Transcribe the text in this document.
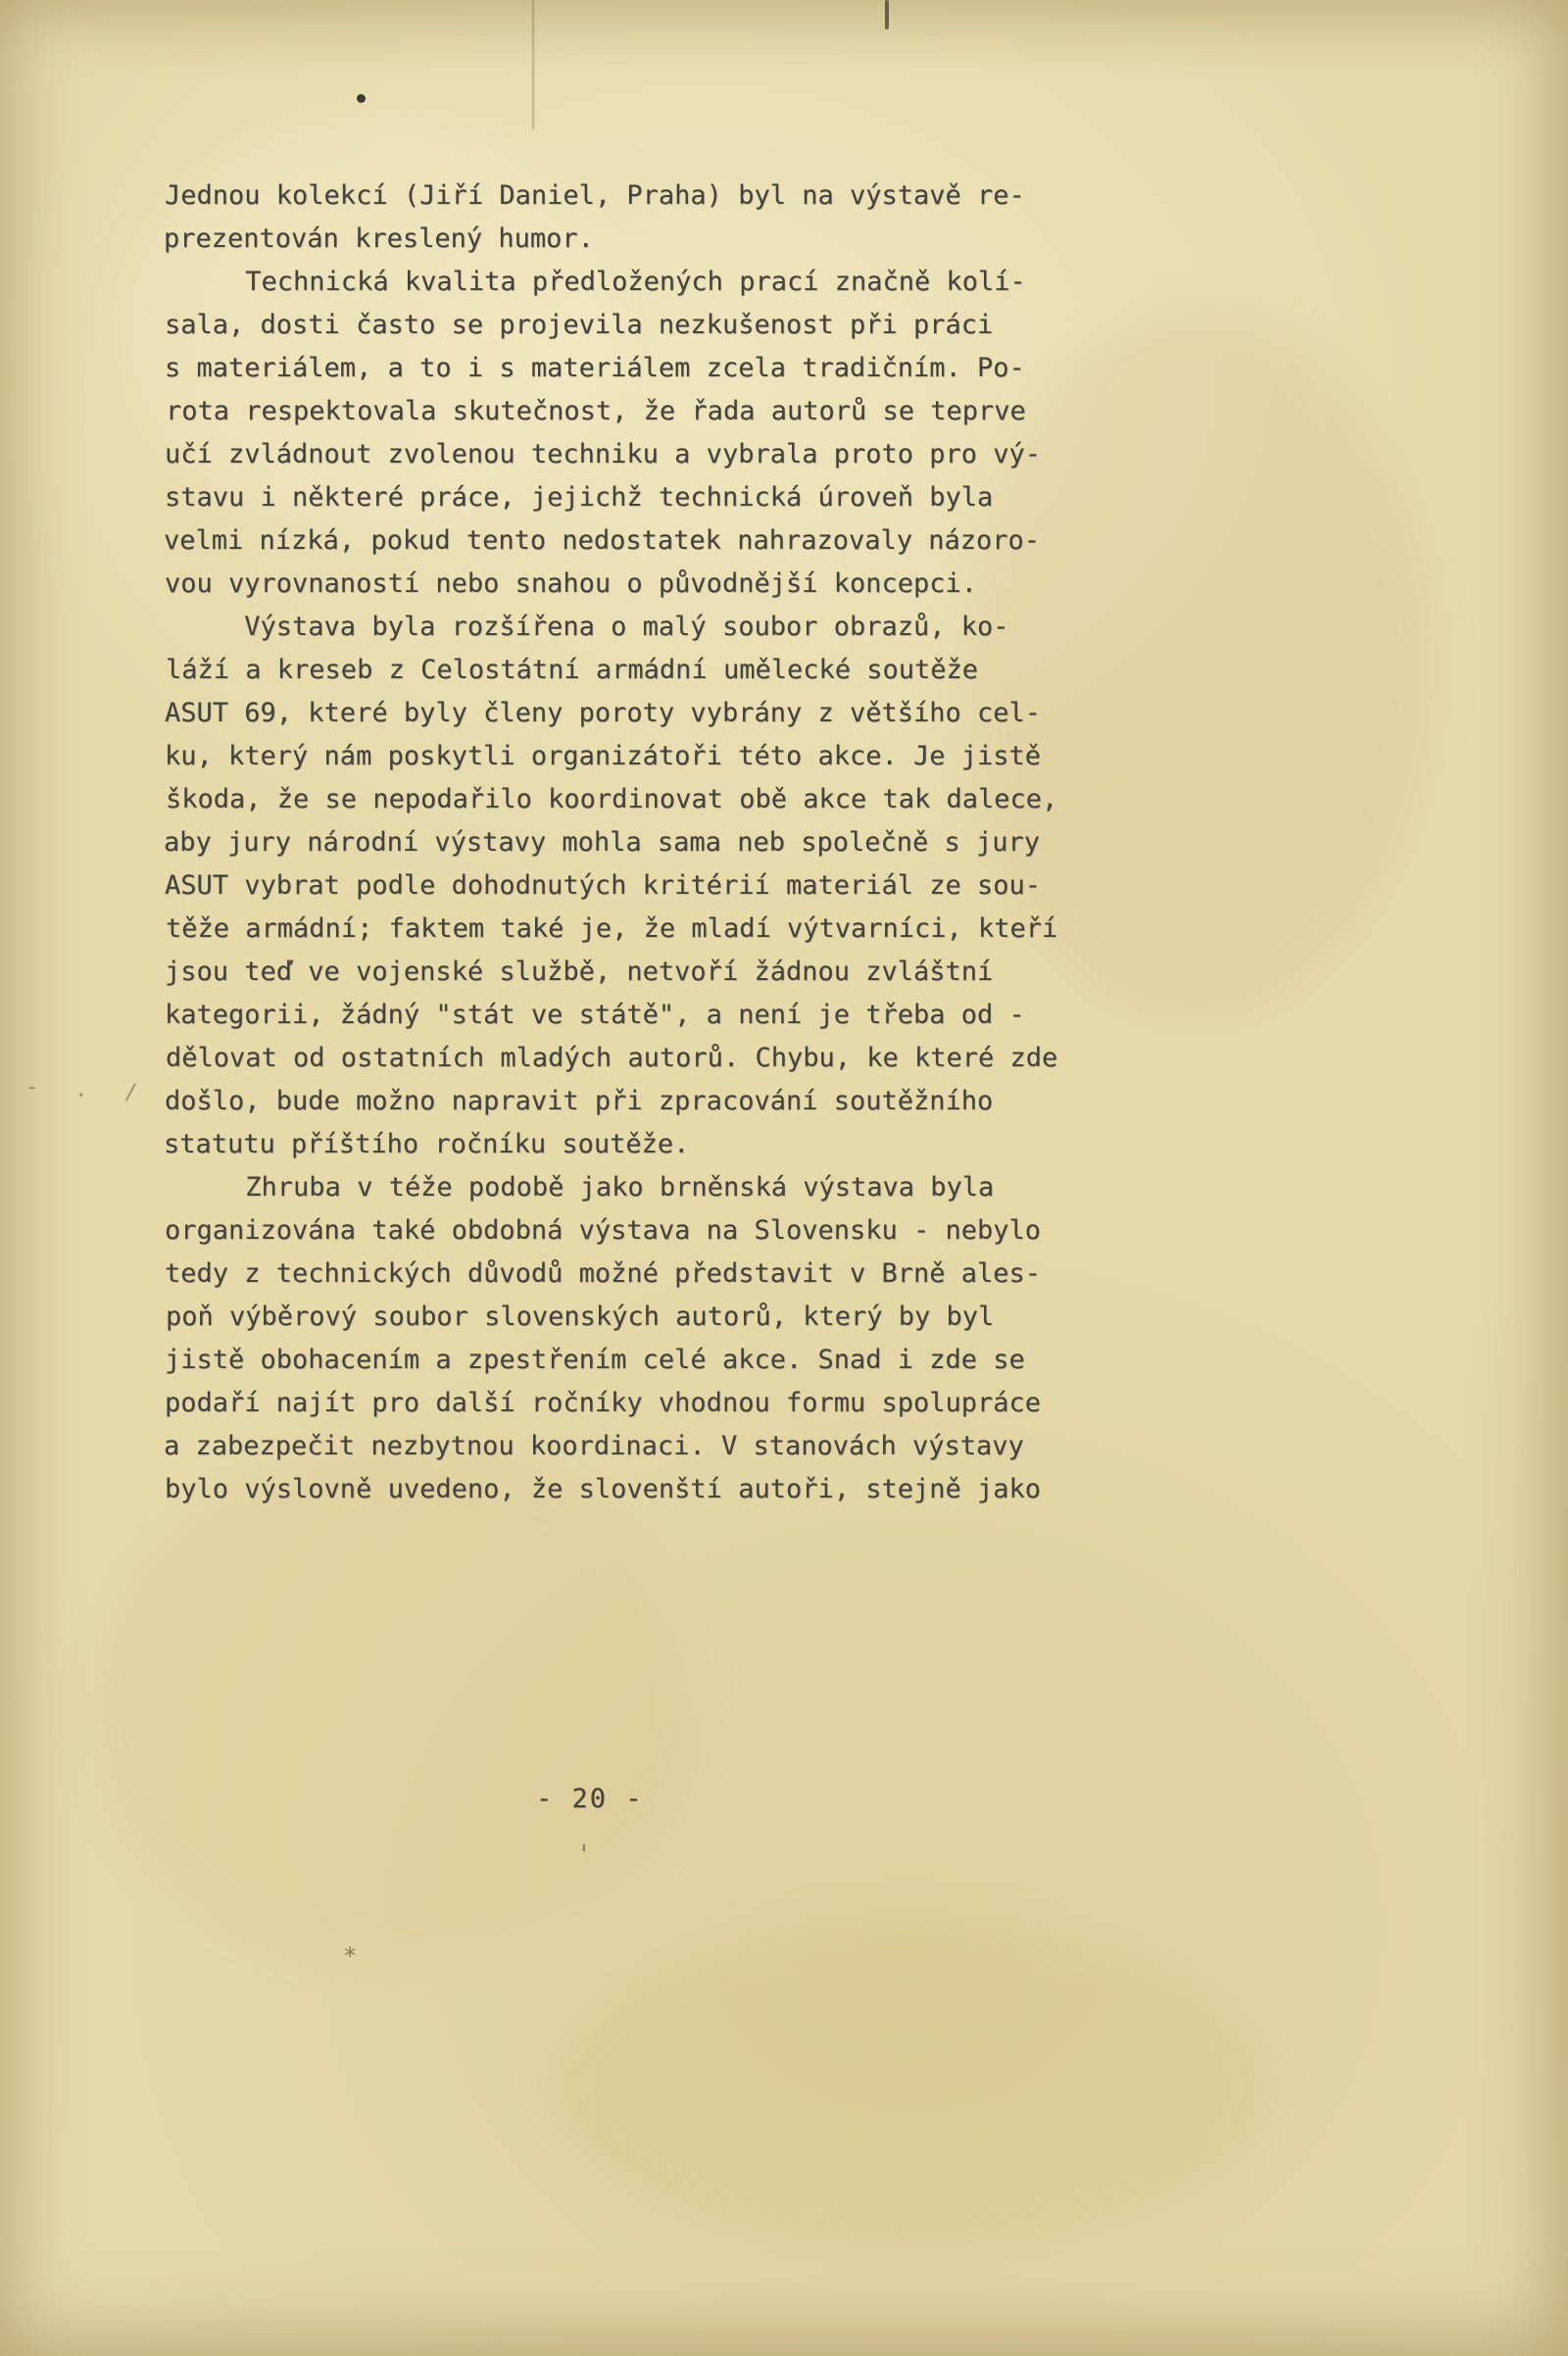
- . /
'
*
Jednou kolekcí (Jiří Daniel, Praha) byl na výstavě re-
prezentován kreslený humor.
Technická kvalita předložených prací značně kolí-
sala, dosti často se projevila nezkušenost při práci
s materiálem, a to i s materiálem zcela tradičním. Po-
rota respektovala skutečnost, že řada autorů se teprve
učí zvládnout zvolenou techniku a vybrala proto pro vý-
stavu i některé práce, jejichž technická úroveň byla
velmi nízká, pokud tento nedostatek nahrazovaly názoro-
vou vyrovnaností nebo snahou o původnější koncepci.
Výstava byla rozšířena o malý soubor obrazů, ko-
láží a kreseb z Celostátní armádní umělecké soutěže
ASUT 69, které byly členy poroty vybrány z většího cel-
ku, který nám poskytli organizátoři této akce. Je jistě
škoda, že se nepodařilo koordinovat obě akce tak dalece,
aby jury národní výstavy mohla sama neb společně s jury
ASUT vybrat podle dohodnutých kritérií materiál ze sou-
těže armádní; faktem také je, že mladí výtvarníci, kteří
jsou teď ve vojenské službě, netvoří žádnou zvláštní
kategorii, žádný "stát ve státě", a není je třeba od -
dělovat od ostatních mladých autorů. Chybu, ke které zde
došlo, bude možno napravit při zpracování soutěžního
statutu příštího ročníku soutěže.
Zhruba v téže podobě jako brněnská výstava byla
organizována také obdobná výstava na Slovensku - nebylo
tedy z technických důvodů možné představit v Brně ales-
poň výběrový soubor slovenských autorů, který by byl
jistě obohacením a zpestřením celé akce. Snad i zde se
podaří najít pro další ročníky vhodnou formu spolupráce
a zabezpečit nezbytnou koordinaci. V stanovách výstavy
bylo výslovně uvedeno, že slovenští autoři, stejně jako
- 20 -
